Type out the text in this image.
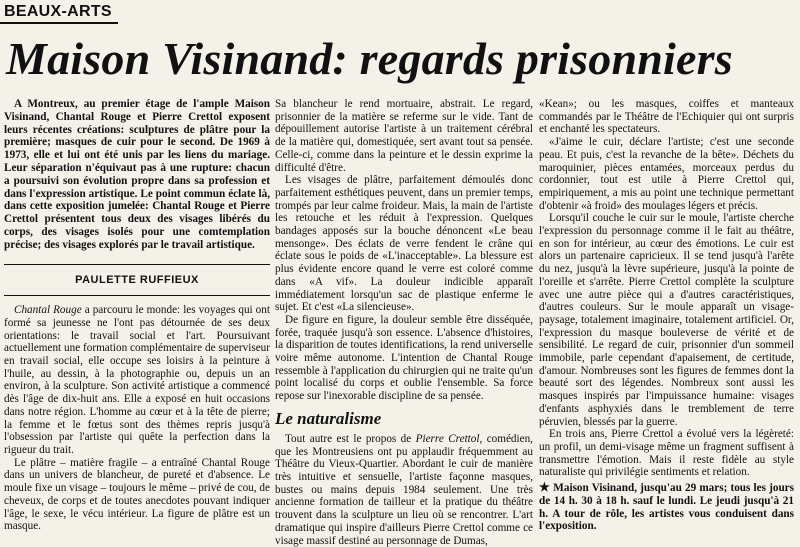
BEAUX-ARTS
Maison Visinand: regards prisonniers

A Montreux, au premier étage de l'ample Maison Visinand, Chantal Rouge et Pierre Crettol exposent leurs récentes créations: sculptures de plâtre pour la première; masques de cuir pour le second. De 1969 à 1973, elle et lui ont été unis par les liens du mariage. Leur séparation n'équivaut pas à une rupture: chacun a poursuivi son évolution propre dans sa profession et dans l'expression artistique. Le point commun éclate là, dans cette exposition jumelée: Chantal Rouge et Pierre Crettol présentent tous deux des visages libérés du corps, des visages isolés pour une comtemplation précise; des visages explorés par le travail artistique.

PAULETTE RUFFIEUX

Chantal Rouge a parcouru le monde: les voyages qui ont formé sa jeunesse ne l'ont pas détournée de ses deux orientations: le travail social et l'art. Poursuivant actuellement une formation complémentaire de superviseur en travail social, elle occupe ses loisirs à la peinture à l'huile, au dessin, à la photographie ou, depuis un an environ, à la sculpture. Son activité artistique a commencé dès l'âge de dix-huit ans. Elle a exposé en huit occasions dans notre région. L'homme au cœur et à la tête de pierre; la femme et le fœtus sont des thèmes repris jusqu'à l'obsession par l'artiste qui quête la perfection dans la rigueur du trait.

Le plâtre – matière fragile – a entraîné Chantal Rouge dans un univers de blancheur, de pureté et d'absence. Le moule fixe un visage – toujours le même – privé de cou, de cheveux, de corps et de toutes anecdotes pouvant indiquer l'âge, le sexe, le vécu intérieur. La figure de plâtre est un masque.

Sa blancheur le rend mortuaire, abstrait. Le regard, prisonnier de la matière se referme sur le vide. Tant de dépouillement autorise l'artiste à un traitement cérébral de la matière qui, domestiquée, sert avant tout sa pensée. Celle-ci, comme dans la peinture et le dessin exprime la difficulté d'être.

Les visages de plâtre, parfaitement démoulés donc parfaitement esthétiques peuvent, dans un premier temps, trompés par leur calme froideur. Mais, la main de l'artiste les retouche et les réduit à l'expression. Quelques bandages apposés sur la bouche dénoncent «Le beau mensonge». Des éclats de verre fendent le crâne qui éclate sous le poids de «L'inacceptable». La blessure est plus évidente encore quand le verre est coloré comme dans «A vif». La douleur indicible apparaît immédiatement lorsqu'un sac de plastique enferme le sujet. Et c'est «La silencieuse».

De figure en figure, la douleur semble être disséquée, forée, traquée jusqu'à son essence. L'absence d'histoires, la disparition de toutes identifications, la rend universelle voire même autonome. L'intention de Chantal Rouge ressemble à l'application du chirurgien qui ne traite qu'un point localisé du corps et oublie l'ensemble. Sa force repose sur l'inexorable discipline de sa pensée.

Le naturalisme

Tout autre est le propos de Pierre Crettol, comédien, que les Montreusiens ont pu applaudir fréquemment au Théâtre du Vieux-Quartier. Abordant le cuir de manière très intuitive et sensuelle, l'artiste façonne masques, bustes ou mains depuis 1984 seulement. Une très ancienne formation de tailleur et la pratique du théâtre trouvent dans la sculpture un lieu où se rencontrer. L'art dramatique qui inspire d'ailleurs Pierre Crettol comme ce visage massif destiné au personnage de Dumas,

«Kean»; ou les masques, coiffes et manteaux commandés par le Théâtre de l'Echiquier qui ont surpris et enchanté les spectateurs.

«J'aime le cuir, déclare l'artiste; c'est une seconde peau. Et puis, c'est la revanche de la bête». Déchets du maroquinier, pièces entamées, morceaux perdus du cordonnier, tout est utile à Pierre Crettol qui, empiriquement, a mis au point une technique permettant d'obtenir «à froid» des moulages légers et précis.

Lorsqu'il couche le cuir sur le moule, l'artiste cherche l'expression du personnage comme il le fait au théâtre, en son for intérieur, au cœur des émotions. Le cuir est alors un partenaire capricieux. Il se tend jusqu'à l'arête du nez, jusqu'à la lèvre supérieure, jusqu'à la pointe de l'oreille et s'arrête. Pierre Crettol complète la sculpture avec une autre pièce qui a d'autres caractéristiques, d'autres couleurs. Sur le moule apparaît un visage-paysage, totalement imaginaire, totalement artificiel. Or, l'expression du masque bouleverse de vérité et de sensibilité. Le regard de cuir, prisonnier d'un sommeil immobile, parle cependant d'apaisement, de certitude, d'amour. Nombreuses sont les figures de femmes dont la beauté sort des légendes. Nombreux sont aussi les masques inspirés par l'impuissance humaine: visages d'enfants asphyxiés dans le tremblement de terre péruvien, blessés par la guerre.

En trois ans, Pierre Crettol a évolué vers la légèreté: un profil, un demi-visage même un fragment suffisent à transmettre l'émotion. Mais il reste fidèle au style naturaliste qui privilégie sentiments et relation.

★ Maison Visinand, jusqu'au 29 mars; tous les jours de 14 h. 30 à 18 h. sauf le lundi. Le jeudi jusqu'à 21 h. A tour de rôle, les artistes vous conduisent dans l'exposition.
